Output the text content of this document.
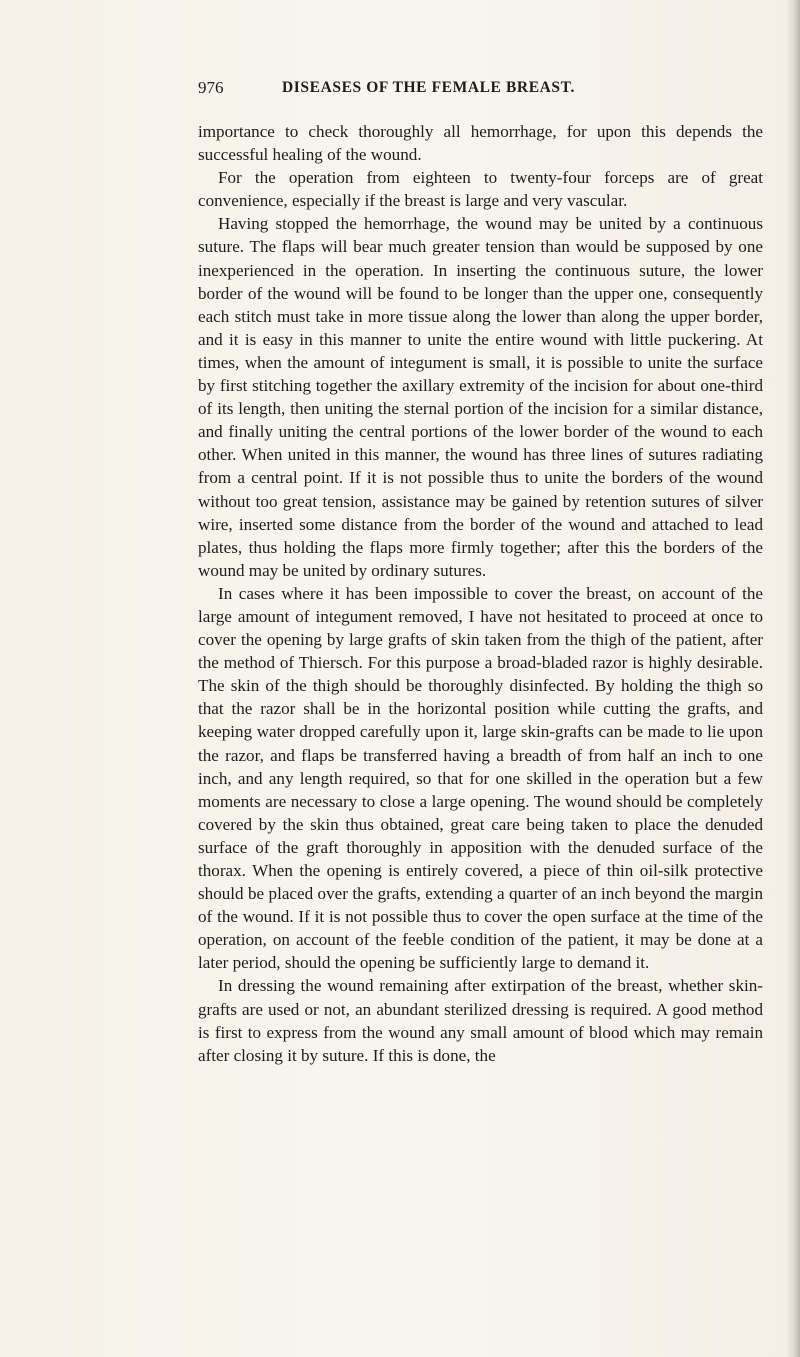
976	DISEASES OF THE FEMALE BREAST.

importance to check thoroughly all hemorrhage, for upon this depends the successful healing of the wound.

For the operation from eighteen to twenty-four forceps are of great convenience, especially if the breast is large and very vascular.

Having stopped the hemorrhage, the wound may be united by a continuous suture. The flaps will bear much greater tension than would be supposed by one inexperienced in the operation. In inserting the continuous suture, the lower border of the wound will be found to be longer than the upper one, consequently each stitch must take in more tissue along the lower than along the upper border, and it is easy in this manner to unite the entire wound with little puckering. At times, when the amount of integument is small, it is possible to unite the surface by first stitching together the axillary extremity of the incision for about one-third of its length, then uniting the sternal portion of the incision for a similar distance, and finally uniting the central portions of the lower border of the wound to each other. When united in this manner, the wound has three lines of sutures radiating from a central point. If it is not possible thus to unite the borders of the wound without too great tension, assistance may be gained by retention sutures of silver wire, inserted some distance from the border of the wound and attached to lead plates, thus holding the flaps more firmly together; after this the borders of the wound may be united by ordinary sutures.

In cases where it has been impossible to cover the breast, on account of the large amount of integument removed, I have not hesitated to proceed at once to cover the opening by large grafts of skin taken from the thigh of the patient, after the method of Thiersch. For this purpose a broad-bladed razor is highly desirable. The skin of the thigh should be thoroughly disinfected. By holding the thigh so that the razor shall be in the horizontal position while cutting the grafts, and keeping water dropped carefully upon it, large skin-grafts can be made to lie upon the razor, and flaps be transferred having a breadth of from half an inch to one inch, and any length required, so that for one skilled in the operation but a few moments are necessary to close a large opening. The wound should be completely covered by the skin thus obtained, great care being taken to place the denuded surface of the graft thoroughly in apposition with the denuded surface of the thorax. When the opening is entirely covered, a piece of thin oil-silk protective should be placed over the grafts, extending a quarter of an inch beyond the margin of the wound. If it is not possible thus to cover the open surface at the time of the operation, on account of the feeble condition of the patient, it may be done at a later period, should the opening be sufficiently large to demand it.

In dressing the wound remaining after extirpation of the breast, whether skin-grafts are used or not, an abundant sterilized dressing is required. A good method is first to express from the wound any small amount of blood which may remain after closing it by suture. If this is done, the
